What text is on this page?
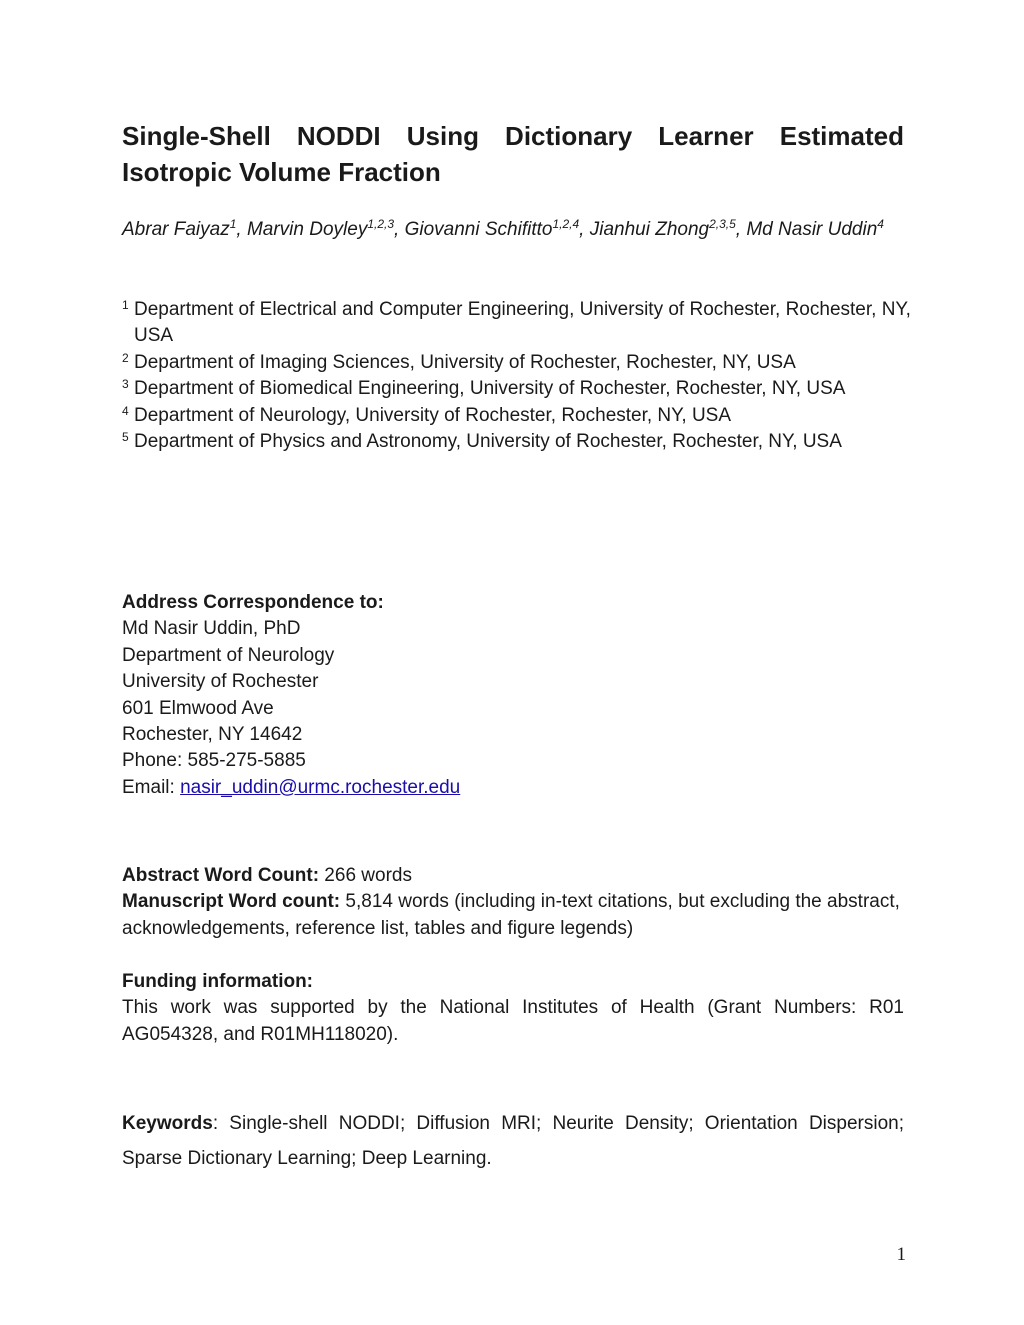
Single-Shell NODDI Using Dictionary Learner Estimated Isotropic Volume Fraction
Abrar Faiyaz$^1$, Marvin Doyley$^{1,2,3}$, Giovanni Schifitto$^{1,2,4}$, Jianhui Zhong$^{2,3,5}$, Md Nasir Uddin$^4$
1 Department of Electrical and Computer Engineering, University of Rochester, Rochester, NY, USA
2 Department of Imaging Sciences, University of Rochester, Rochester, NY, USA
3 Department of Biomedical Engineering, University of Rochester, Rochester, NY, USA
4 Department of Neurology, University of Rochester, Rochester, NY, USA
5 Department of Physics and Astronomy, University of Rochester, Rochester, NY, USA
Address Correspondence to:
Md Nasir Uddin, PhD
Department of Neurology
University of Rochester
601 Elmwood Ave
Rochester, NY 14642
Phone: 585-275-5885
Email: nasir_uddin@urmc.rochester.edu
Abstract Word Count: 266 words
Manuscript Word count: 5,814 words (including in-text citations, but excluding the abstract, acknowledgements, reference list, tables and figure legends)
Funding information:
This work was supported by the National Institutes of Health (Grant Numbers: R01 AG054328, and R01MH118020).
Keywords: Single-shell NODDI; Diffusion MRI; Neurite Density; Orientation Dispersion; Sparse Dictionary Learning; Deep Learning.
1
